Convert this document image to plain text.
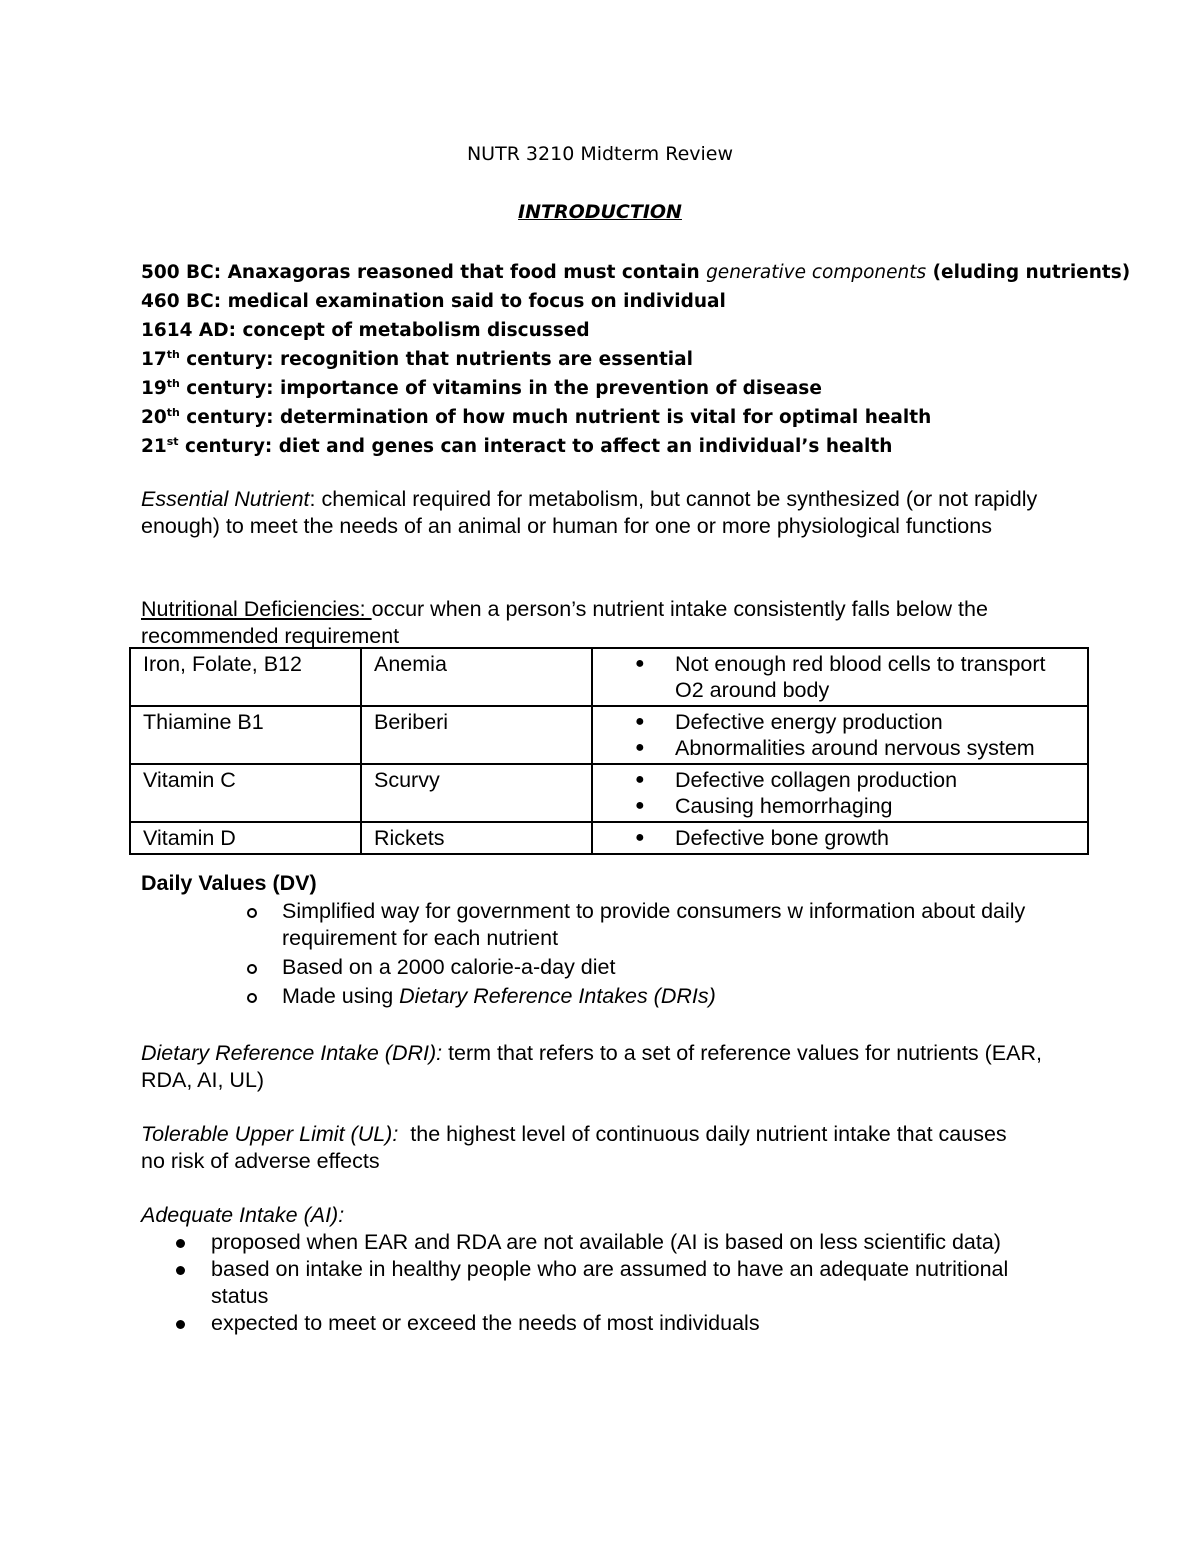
NUTR 3210 Midterm Review
INTRODUCTION
500 BC: Anaxagoras reasoned that food must contain generative components (eluding nutrients)
460 BC: medical examination said to focus on individual
1614 AD: concept of metabolism discussed
17th century: recognition that nutrients are essential
19th century: importance of vitamins in the prevention of disease
20th century: determination of how much nutrient is vital for optimal health
21st century: diet and genes can interact to affect an individual’s health
Essential Nutrient: chemical required for metabolism, but cannot be synthesized (or not rapidly enough) to meet the needs of an animal or human for one or more physiological functions
Nutritional Deficiencies: occur when a person’s nutrient intake consistently falls below the recommended requirement
Iron, Folate, B12	Anemia	● Not enough red blood cells to transport O2 around body

Thiamine B1	Beriberi	● Defective energy production
● Abnormalities around nervous system

Vitamin C	Scurvy	● Defective collagen production
● Causing hemorrhaging

Vitamin D	Rickets	● Defective bone growth
Daily Values (DV)
Simplified way for government to provide consumers w information about daily requirement for each nutrient
Based on a 2000 calorie-a-day diet
Made using Dietary Reference Intakes (DRIs)
Dietary Reference Intake (DRI): term that refers to a set of reference values for nutrients (EAR, RDA, AI, UL)
Tolerable Upper Limit (UL):  the highest level of continuous daily nutrient intake that causes no risk of adverse effects
Adequate Intake (AI):
proposed when EAR and RDA are not available (AI is based on less scientific data)
based on intake in healthy people who are assumed to have an adequate nutritional status
expected to meet or exceed the needs of most individuals
